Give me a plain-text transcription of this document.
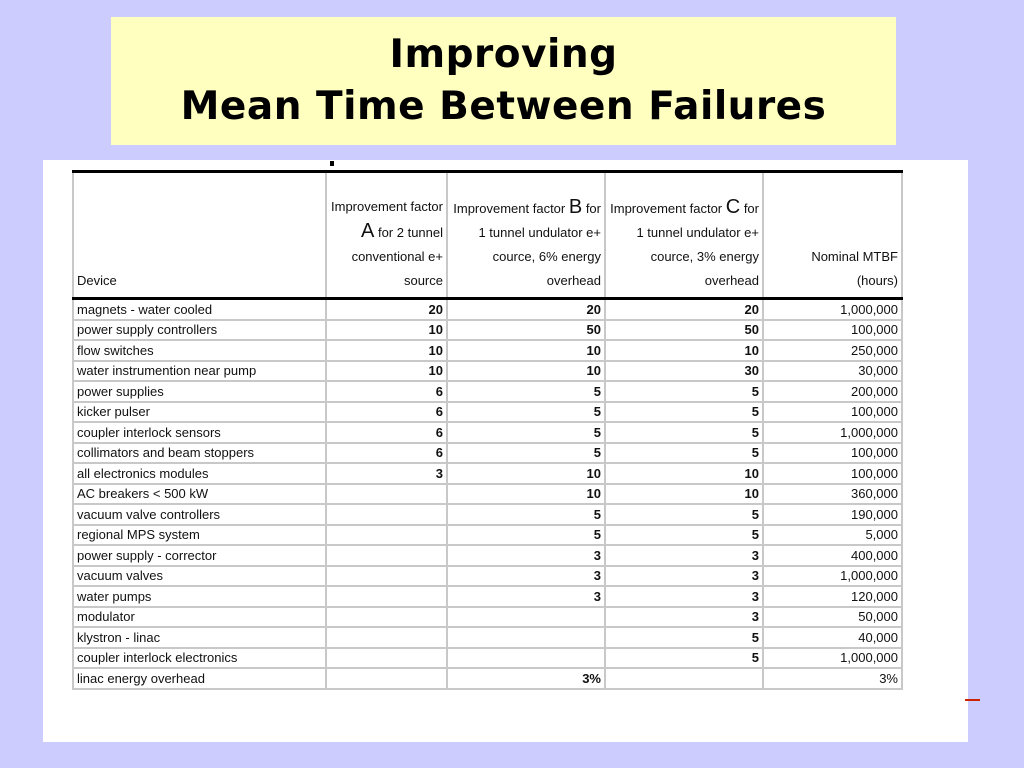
Improving
Mean Time Between Failures
Device	Improvement factor A for 2 tunnel conventional e+ source	Improvement factor B for 1 tunnel undulator e+ cource, 6% energy overhead	Improvement factor C for 1 tunnel undulator e+ cource, 3% energy overhead	Nominal MTBF (hours)
magnets - water cooled	20	20	20	1,000,000
power supply controllers	10	50	50	100,000
flow switches	10	10	10	250,000
water instrumention near pump	10	10	30	30,000
power supplies	6	5	5	200,000
kicker pulser	6	5	5	100,000
coupler interlock sensors	6	5	5	1,000,000
collimators and beam stoppers	6	5	5	100,000
all electronics modules	3	10	10	100,000
AC breakers < 500 kW		10	10	360,000
vacuum valve controllers		5	5	190,000
regional MPS system		5	5	5,000
power supply - corrector		3	3	400,000
vacuum valves		3	3	1,000,000
water pumps		3	3	120,000
modulator			3	50,000
klystron - linac			5	40,000
coupler interlock electronics			5	1,000,000
linac energy overhead		3%		3%
